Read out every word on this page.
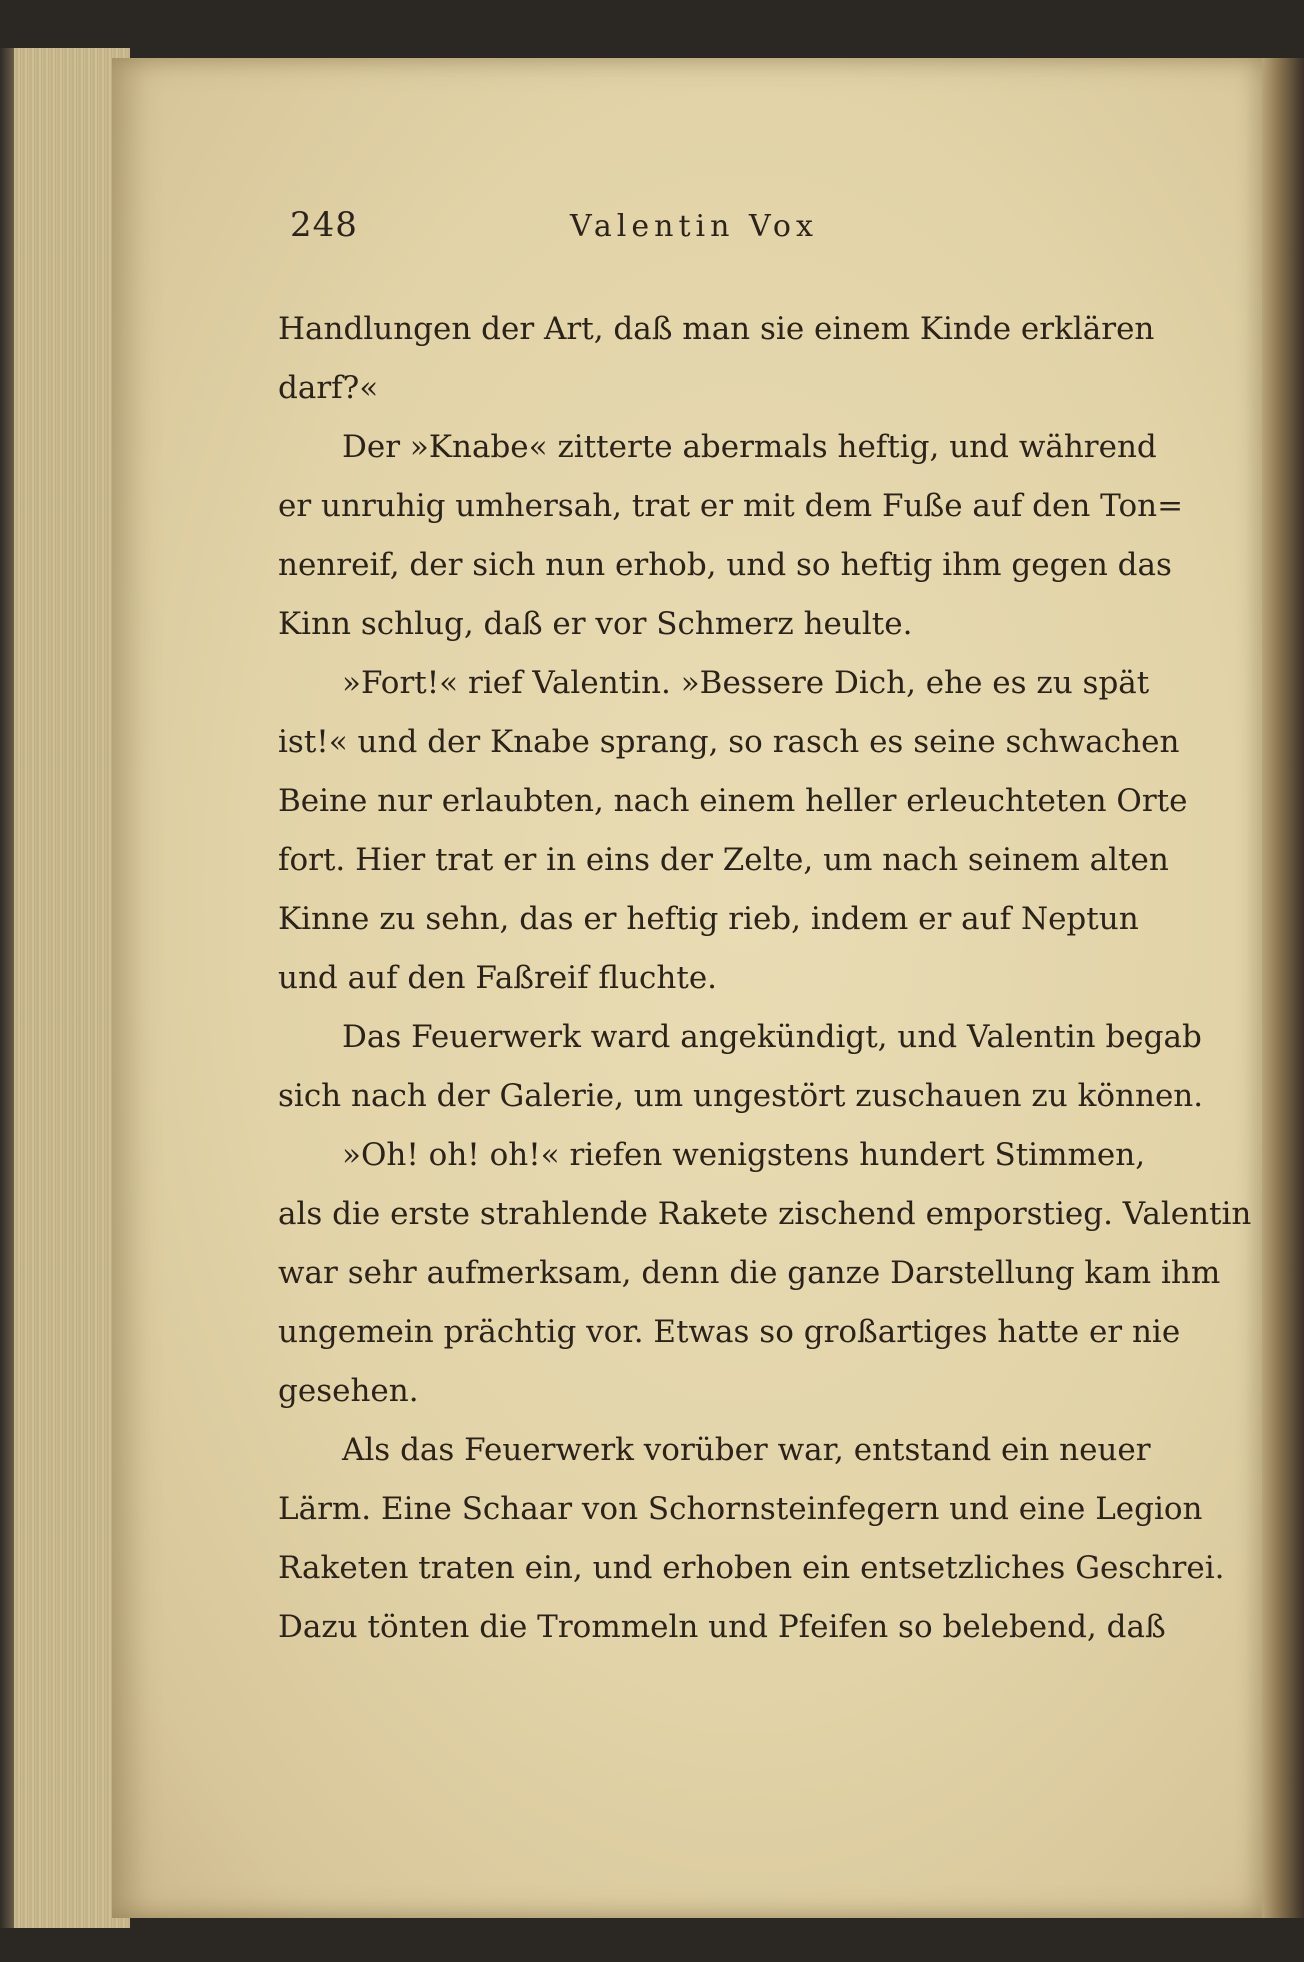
248	Valentin Vox
Handlungen der Art, daß man sie einem Kinde erklären
darf?«
Der »Knabe« zitterte abermals heftig, und während
er unruhig umhersah, trat er mit dem Fuße auf den Ton=
nenreif, der sich nun erhob, und so heftig ihm gegen das
Kinn schlug, daß er vor Schmerz heulte.
»Fort!« rief Valentin. »Bessere Dich, ehe es zu spät
ist!« und der Knabe sprang, so rasch es seine schwachen
Beine nur erlaubten, nach einem heller erleuchteten Orte
fort. Hier trat er in eins der Zelte, um nach seinem alten
Kinne zu sehn, das er heftig rieb, indem er auf Neptun
und auf den Faßreif fluchte.
Das Feuerwerk ward angekündigt, und Valentin begab
sich nach der Galerie, um ungestört zuschauen zu können.
»Oh! oh! oh!« riefen wenigstens hundert Stimmen,
als die erste strahlende Rakete zischend emporstieg. Valentin
war sehr aufmerksam, denn die ganze Darstellung kam ihm
ungemein prächtig vor. Etwas so großartiges hatte er nie
gesehen.
Als das Feuerwerk vorüber war, entstand ein neuer
Lärm. Eine Schaar von Schornsteinfegern und eine Legion
Raketen traten ein, und erhoben ein entsetzliches Geschrei.
Dazu tönten die Trommeln und Pfeifen so belebend, daß
